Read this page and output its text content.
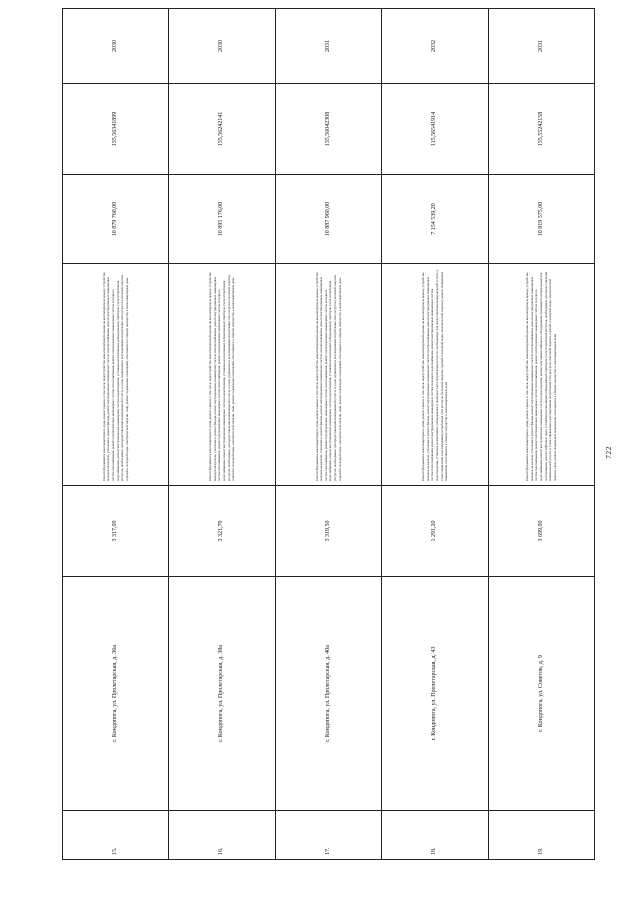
722
15.	г. Кондопога, ул. Пролетарская, д. 36а	3 317,00	Ремонт фундамента многоквартирного дома, ремонт крыши, в том числе переустройство невентилируемой крыши на вентилируемую крышу, устройство выходов на кровлю, утепление и ремонт фасада, ремонт внутридомовых инженерных систем электроснабжения, ремонт внутридомовых инженерных систем газоснабжения, ремонт внутридомовых инженерных систем теплоснабжения, ремонт внутридомовых инженерных систем холодного водоснабжения, ремонт внутридомовых инженерных систем водоотведения, установка коллективных (общедомовых) приборов учета потребления ресурсов, необходимых для предоставления коммунальной услуги, и узлов управления и регулирования потребления этих ресурсов (тепловой энергии, горячей и холодной воды, электрической энергии, газа), ремонт подвальных помещений, относящихся к общему имуществу в многоквартирном доме	10 879 760,00	135,56341899	2030
16.	г. Кондопога, ул. Пролетарская, д. 38а	3 321,70	Ремонт фундамента многоквартирного дома, ремонт крыши, в том числе переустройство невентилируемой крыши на вентилируемую крышу, устройство выходов на кровлю, утепление и ремонт фасада, ремонт внутридомовых инженерных систем электроснабжения, ремонт внутридомовых инженерных систем газоснабжения, ремонт внутридомовых инженерных систем теплоснабжения, ремонт внутридомовых инженерных систем холодного водоснабжения, ремонт внутридомовых инженерных систем водоотведения, установка коллективных (общедомовых) приборов учета потребления ресурсов, необходимых для предоставления коммунальной услуги, и узлов управления и регулирования потребления этих ресурсов (тепловой энергии, горячей и холодной воды, электрической энергии, газа), ремонт подвальных помещений, относящихся к общему имуществу в многоквартирном доме	10 895 176,00	135,56242141	2030
17.	г. Кондопога, ул. Пролетарская, д. 40а	3 319,50	Ремонт фундамента многоквартирного дома, ремонт крыши, в том числе переустройство невентилируемой крыши на вентилируемую крышу, устройство выходов на кровлю, утепление и ремонт фасада, ремонт внутридомовых инженерных систем электроснабжения, ремонт внутридомовых инженерных систем газоснабжения, ремонт внутридомовых инженерных систем теплоснабжения, ремонт внутридомовых инженерных систем холодного водоснабжения, ремонт внутридомовых инженерных систем водоотведения, установка коллективных (общедомовых) приборов учета потребления ресурсов, необходимых для предоставления коммунальной услуги, и узлов управления и регулирования потребления этих ресурсов (тепловой энергии, горячей и холодной воды, электрической энергии, газа), ремонт подвальных помещений, относящихся к общему имуществу в многоквартирном доме	10 887 960,00	135,56042308	2031
18.	г. Кондопога, ул. Пролетарская, д. 43	1 291,20	Ремонт фундамента многоквартирного дома, ремонт крыши, в том числе переустройство невентилируемой крыши на вентилируемую крышу, устройство выходов на кровлю, утепление и ремонт фасада, ремонт внутридомовых инженерных систем электроснабжения, ремонт внутридомовых инженерных систем теплоснабжения, ремонт внутридомовых инженерных систем холодного водоснабжения, ремонт внутридомовых инженерных систем водоотведения, установка коллективных (общедомовых) приборов учета потребления ресурсов, необходимых для предоставления коммунальной услуги, и узлов управления и регулирования потребления этих ресурсов (тепловой энергии, горячей и холодной воды, электрической энергии), ремонт подвальных помещений, относящихся к общему имуществу в многоквартирном доме	7 154 539,20	115,56541914	2032
19.	г. Кондопога, ул. Советов, д. 9	3 699,00	Ремонт фундамента многоквартирного дома, ремонт крыши, в том числе переустройство невентилируемой крыши на вентилируемую крышу, устройство выходов на кровлю, утепление и ремонт фасада, ремонт внутридомовых инженерных систем электроснабжения, ремонт внутридомовых инженерных систем газоснабжения, ремонт внутридомовых инженерных систем теплоснабжения, ремонт внутридомовых инженерных систем холодного водоснабжения, ремонт внутридомовых инженерных систем водоотведения, ремонт или замена лифтового оборудования, признанного непригодным для эксплуатации, ремонт лифтовых шахт, установка коллективных (общедомовых) приборов учета потребления ресурсов, необходимых для предоставления коммунальной услуги, и узлов управления и регулирования потребления этих ресурсов (тепловой энергии, горячей и холодной воды, электрической энергии, газа), ремонт подвальных помещений, относящихся к общему имуществу в многоквартирном доме	10 819 575,00	135,55242158	2031
